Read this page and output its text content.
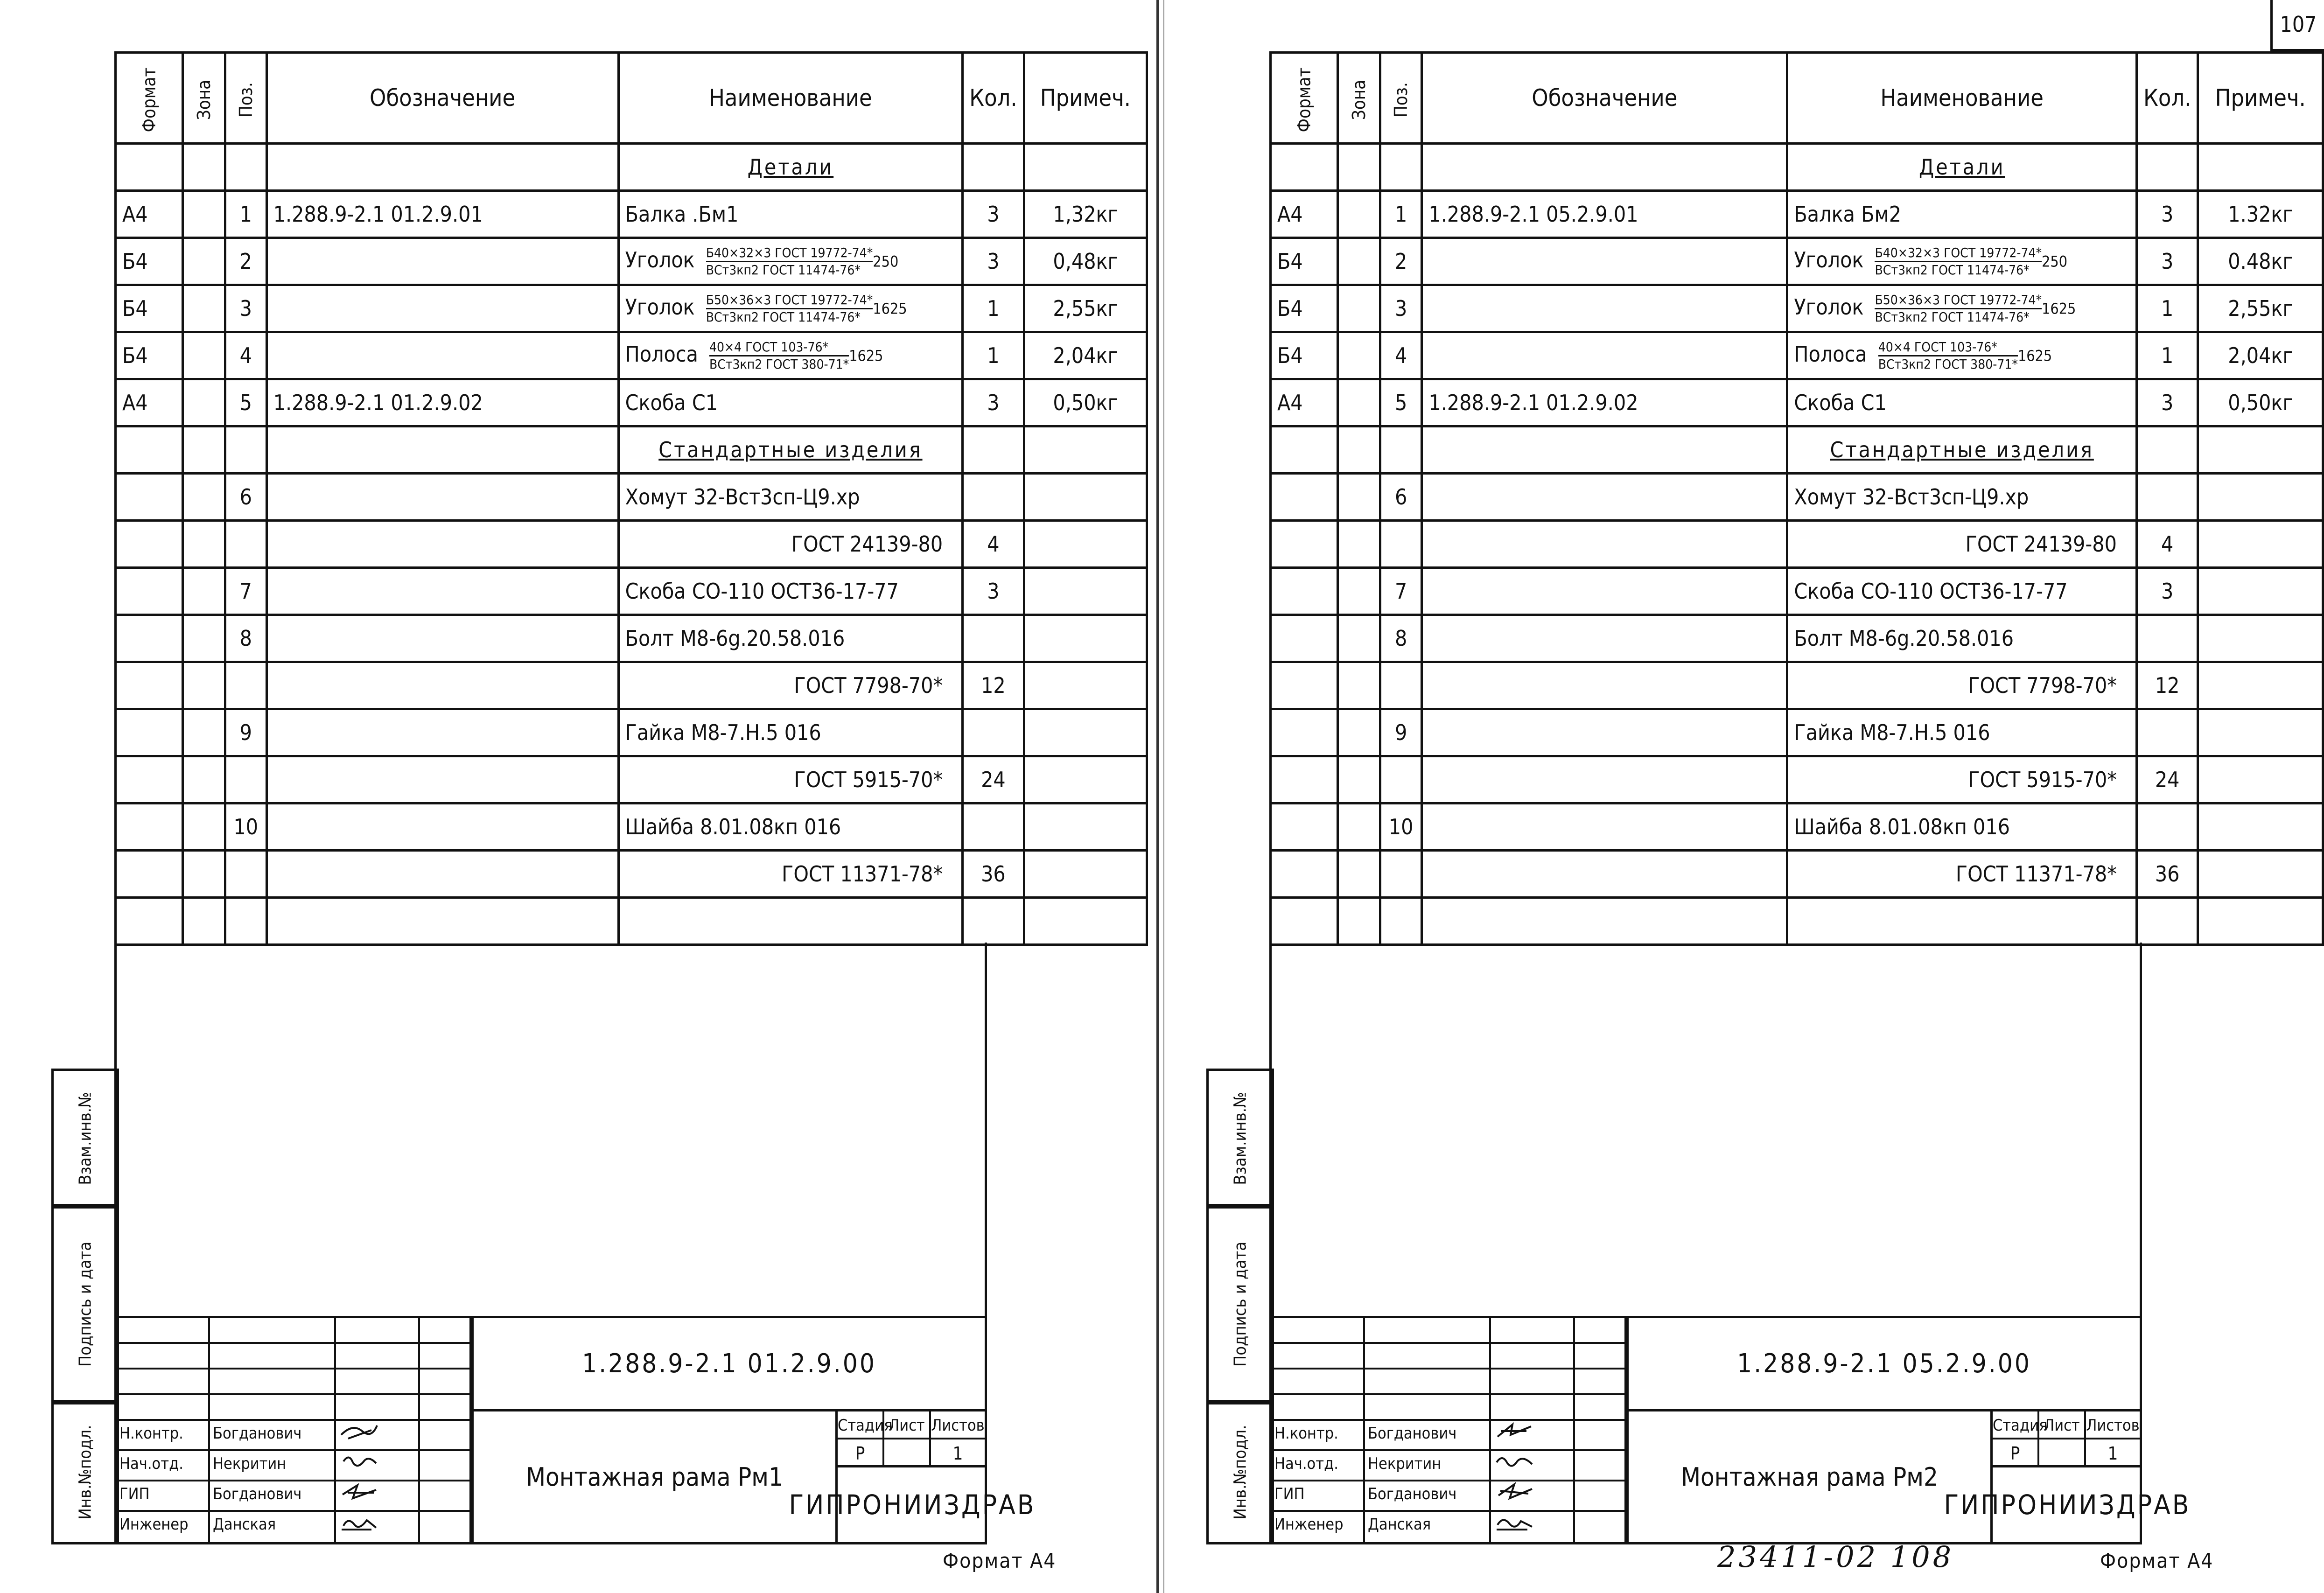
Формат	Зона	Поз.	Обозначение	Наименование	Кол.	Примеч.
				Детали		
А4		1	1.288.9-2.1 01.2.9.01	Балка .Бм1	3	1,32кг
Б4		2		Уголок $\frac{\text{Б40×32×3 ГОСТ 19772-74*}}{\text{ВСт3кп2 ГОСТ 11474-76*}}250$	3	0,48кг
Б4		3		Уголок $\frac{\text{Б50×36×3 ГОСТ 19772-74*}}{\text{ВСт3кп2 ГОСТ 11474-76*}}1625$	1	2,55кг
Б4		4		Полоса $\frac{\text{40×4 ГОСТ 103-76*}}{\text{ВСт3кп2 ГОСТ 380-71*}}1625$	1	2,04кг
А4		5	1.288.9-2.1 01.2.9.02	Скоба С1	3	0,50кг
				Стандартные изделия		
		6		Хомут 32-Вст3сп-Ц9.хр		
				ГОСТ 24139-80	4	
		7		Скоба СО-110 ОСТ36-17-77	3	
		8		Болт М8-6g.20.58.016		
				ГОСТ 7798-70*	12	
		9		Гайка М8-7.Н.5 016		
				ГОСТ 5915-70*	24	
		10		Шайба 8.01.08кп 016		
				ГОСТ 11371-78*	36	

Взам.инв.№
Подпись и дата
Инв.№подл. Н.контр.	Богданович
Нач.отд.	Некритин
ГИП	Богданович
Инженер	Данская
1.288.9-2.1 01.2.9.00
Монтажная рама Рм1
Стадия
Лист Листов
Р	1
ГИПРОНИИЗДРАВ
Формат А4
107
Формат	Зона	Поз.	Обозначение	Наименование	Кол.	Примеч.
				Детали		
А4		1	1.288.9-2.1 05.2.9.01	Балка Бм2	3	1.32кг
Б4		2		Уголок $\frac{\text{Б40×32×3 ГОСТ 19772-74*}}{\text{ВСт3кп2 ГОСТ 11474-76*}}250$	3	0.48кг
Б4		3		Уголок $\frac{\text{Б50×36×3 ГОСТ 19772-74*}}{\text{ВСт3кп2 ГОСТ 11474-76*}}1625$	1	2,55кг
Б4		4		Полоса $\frac{\text{40×4 ГОСТ 103-76*}}{\text{ВСт3кп2 ГОСТ 380-71*}}1625$	1	2,04кг
А4		5	1.288.9-2.1 01.2.9.02	Скоба С1	3	0,50кг
				Стандартные изделия		
		6		Хомут 32-Вст3сп-Ц9.хр		
				ГОСТ 24139-80	4	
		7		Скоба СО-110 ОСТ36-17-77	3	
		8		Болт М8-6g.20.58.016		
				ГОСТ 7798-70*	12	
		9		Гайка М8-7.Н.5 016		
				ГОСТ 5915-70*	24	
		10		Шайба 8.01.08кп 016		
				ГОСТ 11371-78*	36	

Взам.инв.№
Подпись и дата
Инв.№подл. Н.контр.	Богданович
Нач.отд.	Некритин
ГИП	Богданович
Инженер	Данская
1.288.9-2.1 05.2.9.00
Монтажная рама Рм2
Стадия
Лист Листов
Р	1
ГИПРОНИИЗДРАВ
23411-02 108	Формат А4
